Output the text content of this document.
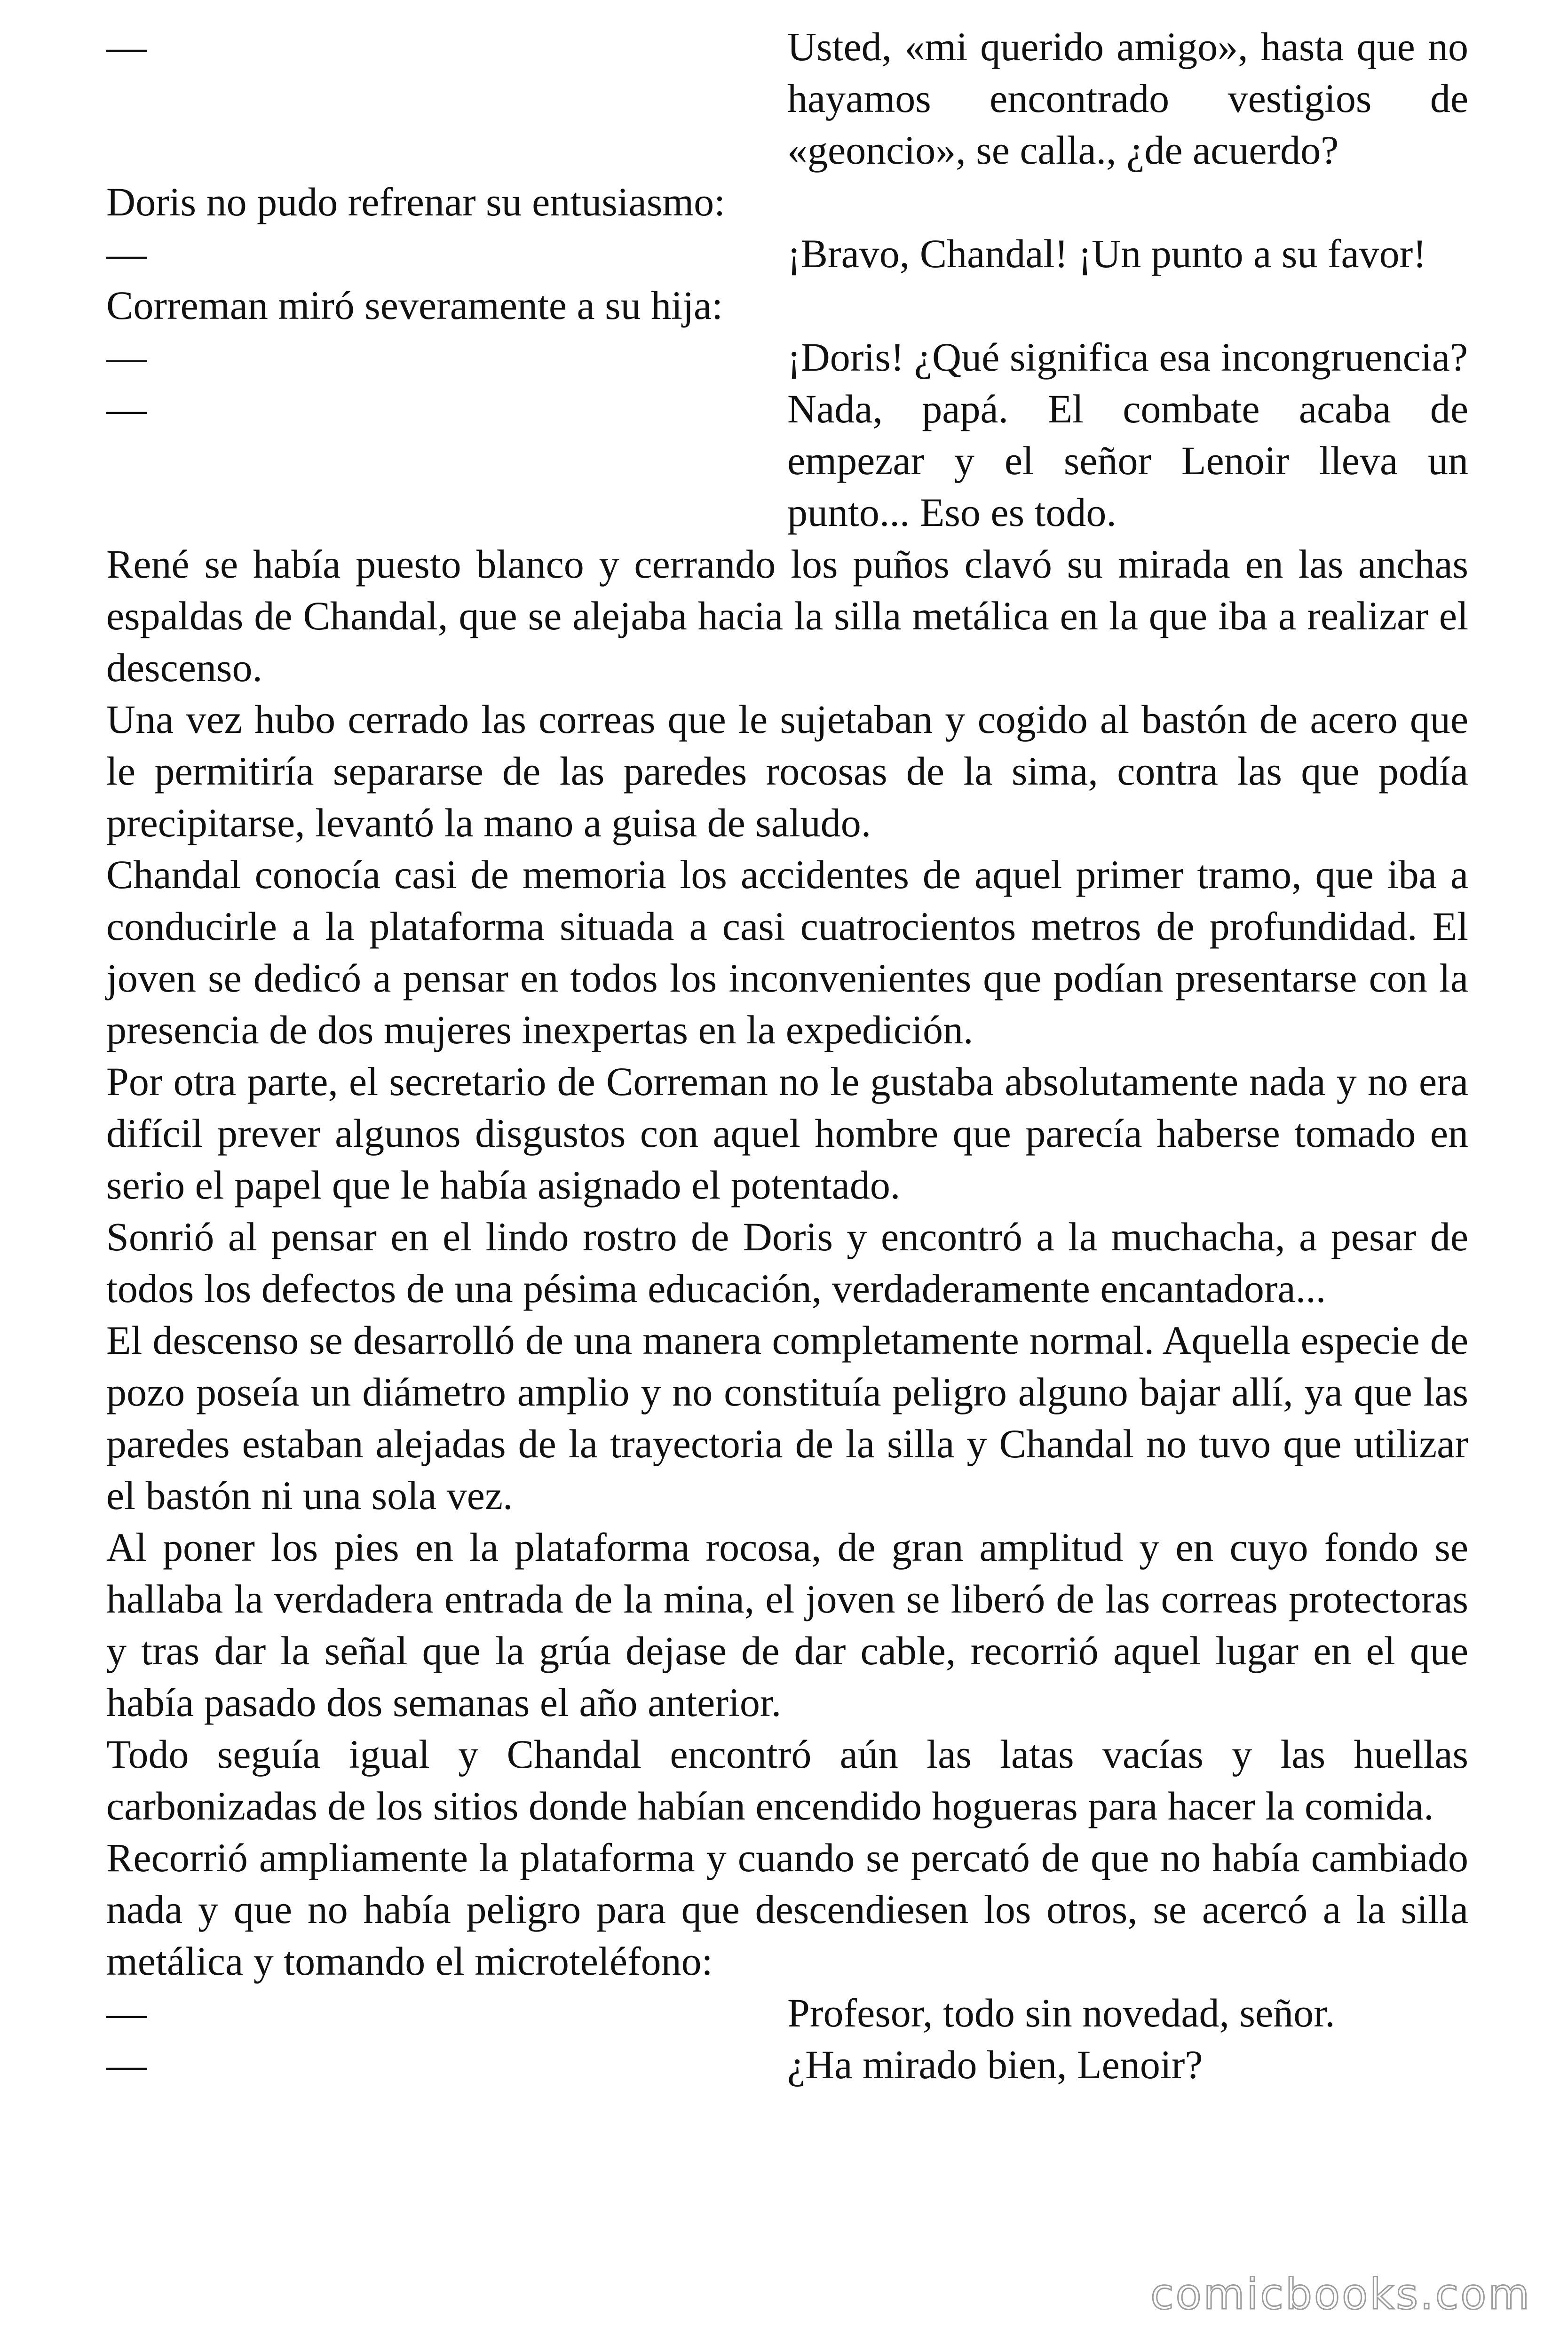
—	Usted, «mi querido amigo», hasta que no hayamos encontrado vestigios de «geoncio», se calla., ¿de acuerdo?
Doris no pudo refrenar su entusiasmo:
—	¡Bravo, Chandal! ¡Un punto a su favor!
Correman miró severamente a su hija:
—	¡Doris! ¿Qué significa esa incongruencia?
—	Nada, papá. El combate acaba de empezar y el señor Lenoir lleva un punto... Eso es todo.
René se había puesto blanco y cerrando los puños clavó su mirada en las anchas espaldas de Chandal, que se alejaba hacia la silla metálica en la que iba a realizar el descenso.
Una vez hubo cerrado las correas que le sujetaban y cogido al bastón de acero que le permitiría separarse de las paredes rocosas de la sima, contra las que podía precipitarse, levantó la mano a guisa de saludo.
Chandal conocía casi de memoria los accidentes de aquel primer tramo, que iba a conducirle a la plataforma situada a casi cuatrocientos metros de profundidad. El joven se dedicó a pensar en todos los inconvenientes que podían presentarse con la presencia de dos mujeres inexpertas en la expedición.
Por otra parte, el secretario de Correman no le gustaba absolutamente nada y no era difícil prever algunos disgustos con aquel hombre que parecía haberse tomado en serio el papel que le había asignado el potentado.
Sonrió al pensar en el lindo rostro de Doris y encontró a la muchacha, a pesar de todos los defectos de una pésima educación, verdaderamente encantadora...
El descenso se desarrolló de una manera completamente normal. Aquella especie de pozo poseía un diámetro amplio y no constituía peligro alguno bajar allí, ya que las paredes estaban alejadas de la trayectoria de la silla y Chandal no tuvo que utilizar el bastón ni una sola vez.
Al poner los pies en la plataforma rocosa, de gran amplitud y en cuyo fondo se hallaba la verdadera entrada de la mina, el joven se liberó de las correas protectoras y tras dar la señal que la grúa dejase de dar cable, recorrió aquel lugar en el que había pasado dos semanas el año anterior.
Todo seguía igual y Chandal encontró aún las latas vacías y las huellas carbonizadas de los sitios donde habían encendido hogueras para hacer la comida.
Recorrió ampliamente la plataforma y cuando se percató de que no había cambiado nada y que no había peligro para que descendiesen los otros, se acercó a la silla metálica y tomando el microteléfono:
—	Profesor, todo sin novedad, señor.
—	¿Ha mirado bien, Lenoir?
comicbooks.com
